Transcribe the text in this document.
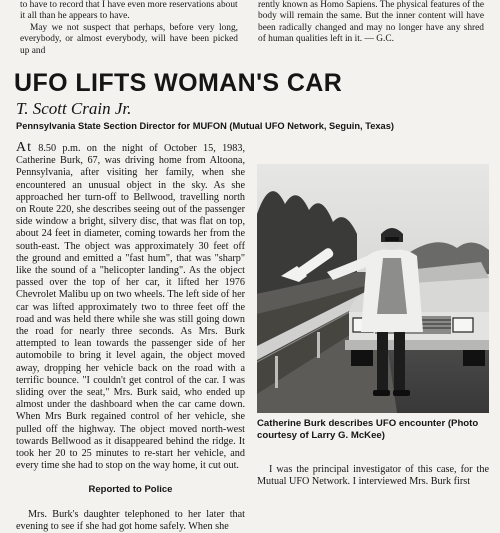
to have to record that I have even more reservations about

it all than he appears to have.

May we not suspect that perhaps, before very long, everybody, or almost everybody, will have been picked up and

rently known as Homo Sapiens. The physical features of the body will remain the same. But the inner content will have been radically changed and may no longer have any shred of human qualities left in it. — G.C.
UFO LIFTS WOMAN'S CAR
T. Scott Crain Jr.
Pennsylvania State Section Director for MUFON (Mutual UFO Network, Seguin, Texas)

At 8.50 p.m. on the night of October 15, 1983, Catherine Burk, 67, was driving home from Altoona, Pennsylvania, after visiting her family, when she encountered an unusual object in the sky. As she approached her turn-off to Bellwood, travelling north on Route 220, she describes seeing out of the passenger side window a bright, silvery disc, that was flat on top, about 24 feet in diameter, coming towards her from the south-east. The object was approximately 30 feet off the ground and emitted a "fast hum", that was "sharp" like the sound of a "helicopter landing". As the object passed over the top of her car, it lifted her 1976 Chevrolet Malibu up on two wheels. The left side of her car was lifted approximately two to three feet off the road and was held there while she was still going down the road for nearly three seconds. As Mrs. Burk attempted to lean towards the passenger side of her automobile to bring it level again, the object moved away, dropping her vehicle back on the road with a terrific bounce. "I couldn't get control of the car. I was sliding over the seat," Mrs. Burk said, who ended up almost under the dashboard when the car came down. When Mrs Burk regained control of her vehicle, she pulled off the highway. The object moved north-west towards Bellwood as it disappeared behind the ridge. It took her 20 to 25 minutes to re-start her vehicle, and every time she had to stop on the way home, it cut out.

Reported to Police

Mrs. Burk's daughter telephoned to her later that evening to see if she had got home safely. When she

Catherine Burk describes UFO encounter (Photo courtesy of Larry G. McKee)
I was the principal investigator of this case, for the Mutual UFO Network. I interviewed Mrs. Burk first
